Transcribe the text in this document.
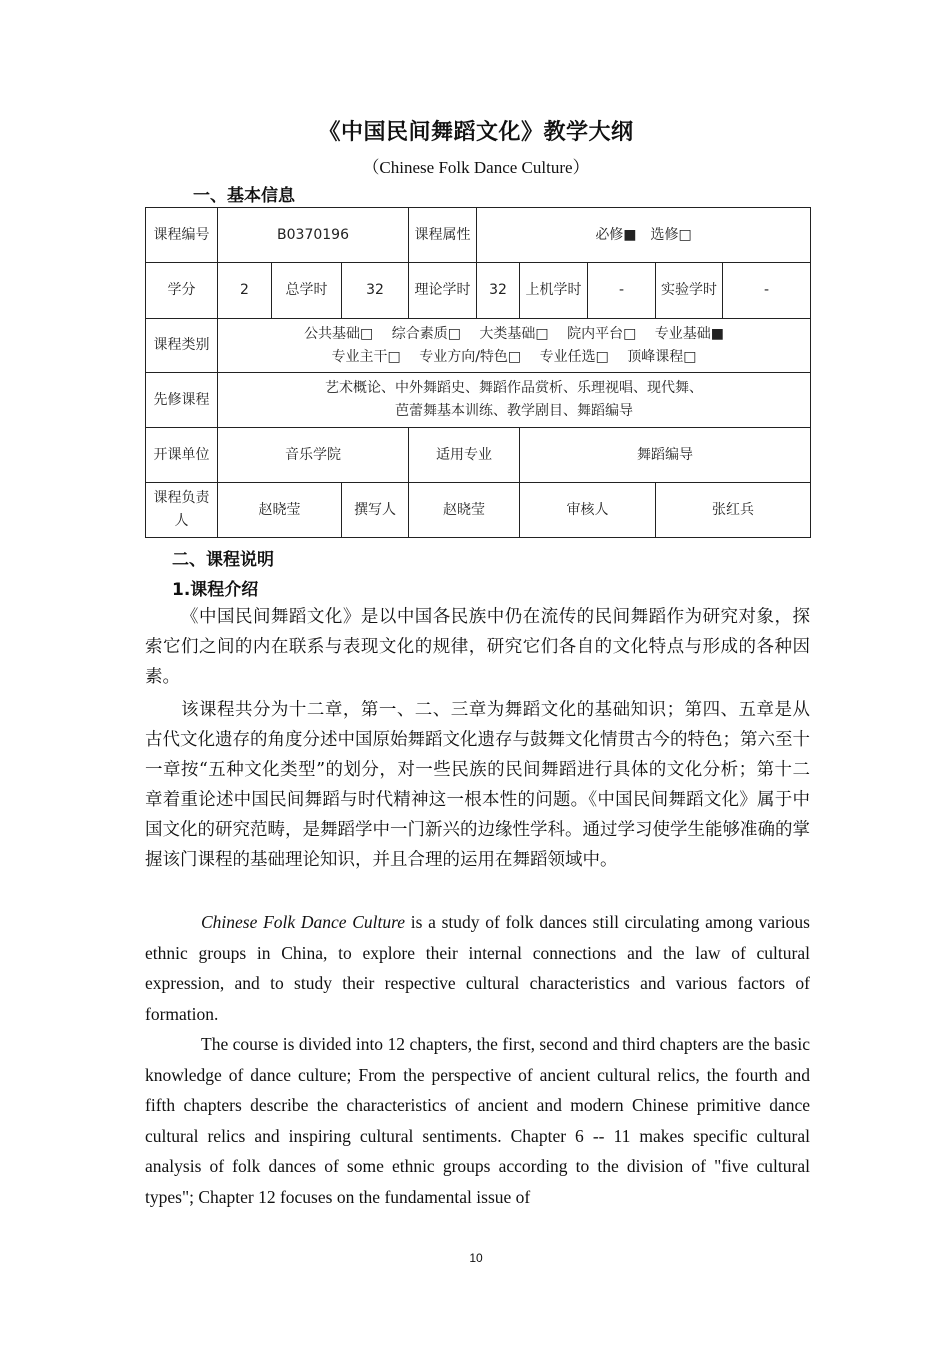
《中国民间舞蹈文化》教学大纲
（Chinese Folk Dance Culture）
一、基本信息
课程编号	B0370196			课程属性	必修■　选修□				
学分	2	总学时	32	理论学时	32	上机学时	-	实验学时	-
课程类别	公共基础□　 综合素质□　 大类基础□　 院内平台□　 专业基础■
专业主干□　 专业方向/特色□　 专业任选□　 顶峰课程□								

先修课程	艺术概论、中外舞蹈史、舞蹈作品赏析、乐理视唱、现代舞、
芭蕾舞基本训练、教学剧目、舞蹈编导								

开课单位	音乐学院			适用专业		舞蹈编导			
课程负责人	赵晓莹		撰写人	赵晓莹		审核人		张红兵	
二、课程说明
1.课程介绍
《中国民间舞蹈文化》是以中国各民族中仍在流传的民间舞蹈作为研究对象，探索它们之间的内在联系与表现文化的规律，研究它们各自的文化特点与形成的各种因素。
该课程共分为十二章，第一、二、三章为舞蹈文化的基础知识；第四、五章是从古代文化遗存的角度分述中国原始舞蹈文化遗存与鼓舞文化情贯古今的特色；第六至十一章按“五种文化类型”的划分，对一些民族的民间舞蹈进行具体的文化分析；第十二章着重论述中国民间舞蹈与时代精神这一根本性的问题。《中国民间舞蹈文化》属于中国文化的研究范畴，是舞蹈学中一门新兴的边缘性学科。通过学习使学生能够准确的掌握该门课程的基础理论知识，并且合理的运用在舞蹈领域中。
Chinese Folk Dance Culture is a study of folk dances still circulating among various ethnic groups in China, to explore their internal connections and the law of cultural expression, and to study their respective cultural characteristics and various factors of formation.
The course is divided into 12 chapters, the first, second and third chapters are the basic knowledge of dance culture; From the perspective of ancient cultural relics, the fourth and fifth chapters describe the characteristics of ancient and modern Chinese primitive dance cultural relics and inspiring cultural sentiments. Chapter 6 -- 11 makes specific cultural analysis of folk dances of some ethnic groups according to the division of "five cultural types"; Chapter 12 focuses on the fundamental issue of
10
